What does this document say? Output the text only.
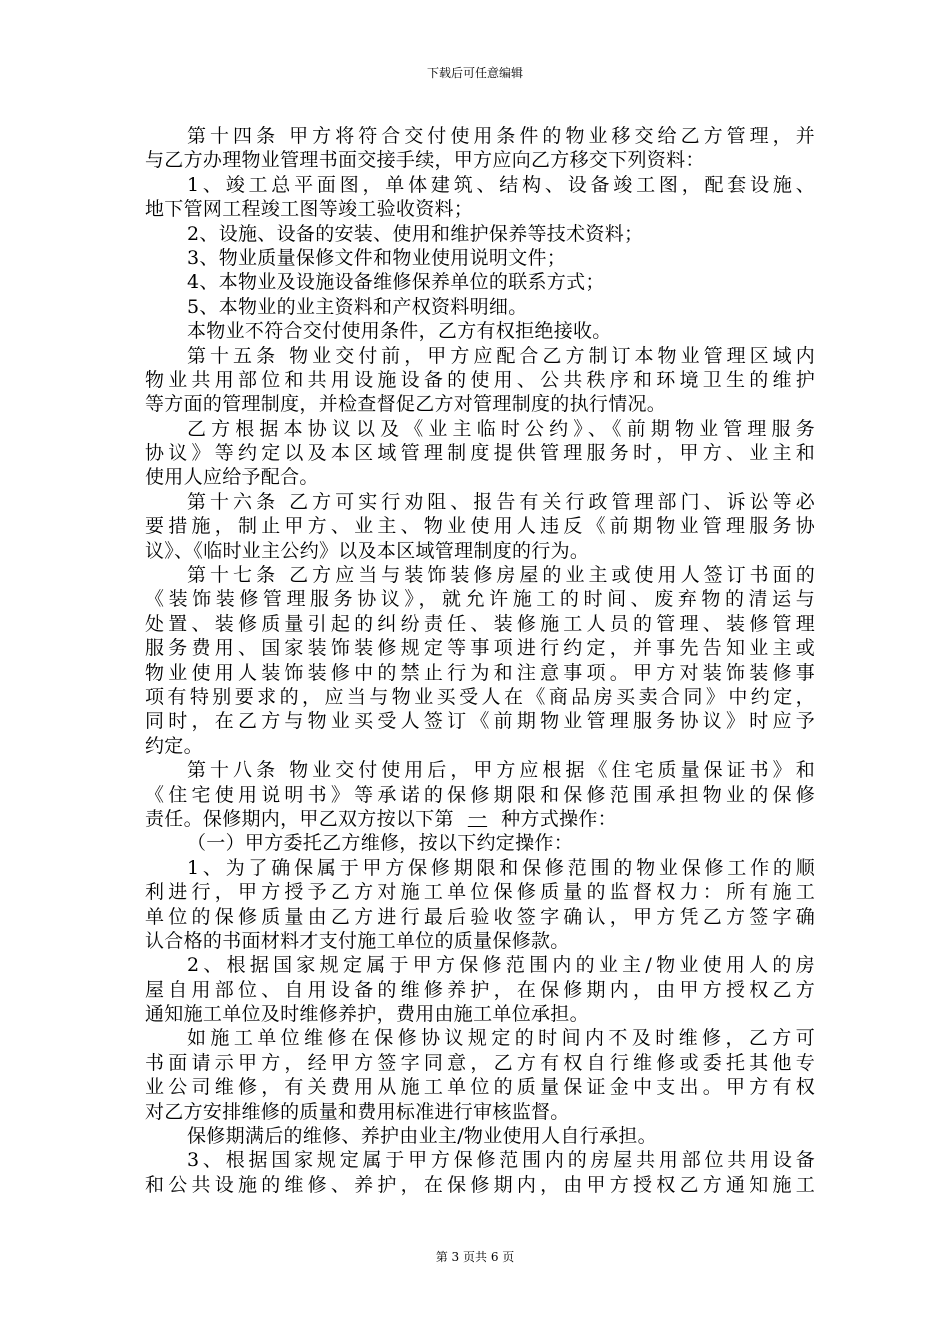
下载后可任意编辑
第十四条 甲方将符合交付使用条件的物业移交给乙方管理，并
与乙方办理物业管理书面交接手续，甲方应向乙方移交下列资料：
1、竣工总平面图，单体建筑、结构、设备竣工图，配套设施、
地下管网工程竣工图等竣工验收资料；
2、设施、设备的安装、使用和维护保养等技术资料；
3、物业质量保修文件和物业使用说明文件；
4、本物业及设施设备维修保养单位的联系方式；
5、本物业的业主资料和产权资料明细。
本物业不符合交付使用条件，乙方有权拒绝接收。
第十五条 物业交付前，甲方应配合乙方制订本物业管理区域内
物业共用部位和共用设施设备的使用、公共秩序和环境卫生的维护
等方面的管理制度，并检查督促乙方对管理制度的执行情况。
乙方根据本协议以及《业主临时公约》、《前期物业管理服务
协议》等约定以及本区域管理制度提供管理服务时，甲方、业主和
使用人应给予配合。
第十六条 乙方可实行劝阻、报告有关行政管理部门、诉讼等必
要措施，制止甲方、业主、物业使用人违反《前期物业管理服务协
议》、《临时业主公约》以及本区域管理制度的行为。
第十七条 乙方应当与装饰装修房屋的业主或使用人签订书面的
《装饰装修管理服务协议》，就允许施工的时间、废弃物的清运与
处置、装修质量引起的纠纷责任、装修施工人员的管理、装修管理
服务费用、国家装饰装修规定等事项进行约定，并事先告知业主或
物业使用人装饰装修中的禁止行为和注意事项。甲方对装饰装修事
项有特别要求的，应当与物业买受人在《商品房买卖合同》中约定，
同时，在乙方与物业买受人签订《前期物业管理服务协议》时应予
约定。
第十八条 物业交付使用后，甲方应根据《住宅质量保证书》和
《住宅使用说明书》等承诺的保修期限和保修范围承担物业的保修
责任。保修期内，甲乙双方按以下第 一 种方式操作：
（一）甲方委托乙方维修，按以下约定操作：
1、为了确保属于甲方保修期限和保修范围的物业保修工作的顺
利进行，甲方授予乙方对施工单位保修质量的监督权力：所有施工
单位的保修质量由乙方进行最后验收签字确认，甲方凭乙方签字确
认合格的书面材料才支付施工单位的质量保修款。
2、根据国家规定属于甲方保修范围内的业主/物业使用人的房
屋自用部位、自用设备的维修养护，在保修期内，由甲方授权乙方
通知施工单位及时维修养护，费用由施工单位承担。
如施工单位维修在保修协议规定的时间内不及时维修，乙方可
书面请示甲方，经甲方签字同意，乙方有权自行维修或委托其他专
业公司维修，有关费用从施工单位的质量保证金中支出。甲方有权
对乙方安排维修的质量和费用标准进行审核监督。
保修期满后的维修、养护由业主/物业使用人自行承担。
3、根据国家规定属于甲方保修范围内的房屋共用部位共用设备
和公共设施的维修、养护，在保修期内，由甲方授权乙方通知施工
第 3 页共 6 页
